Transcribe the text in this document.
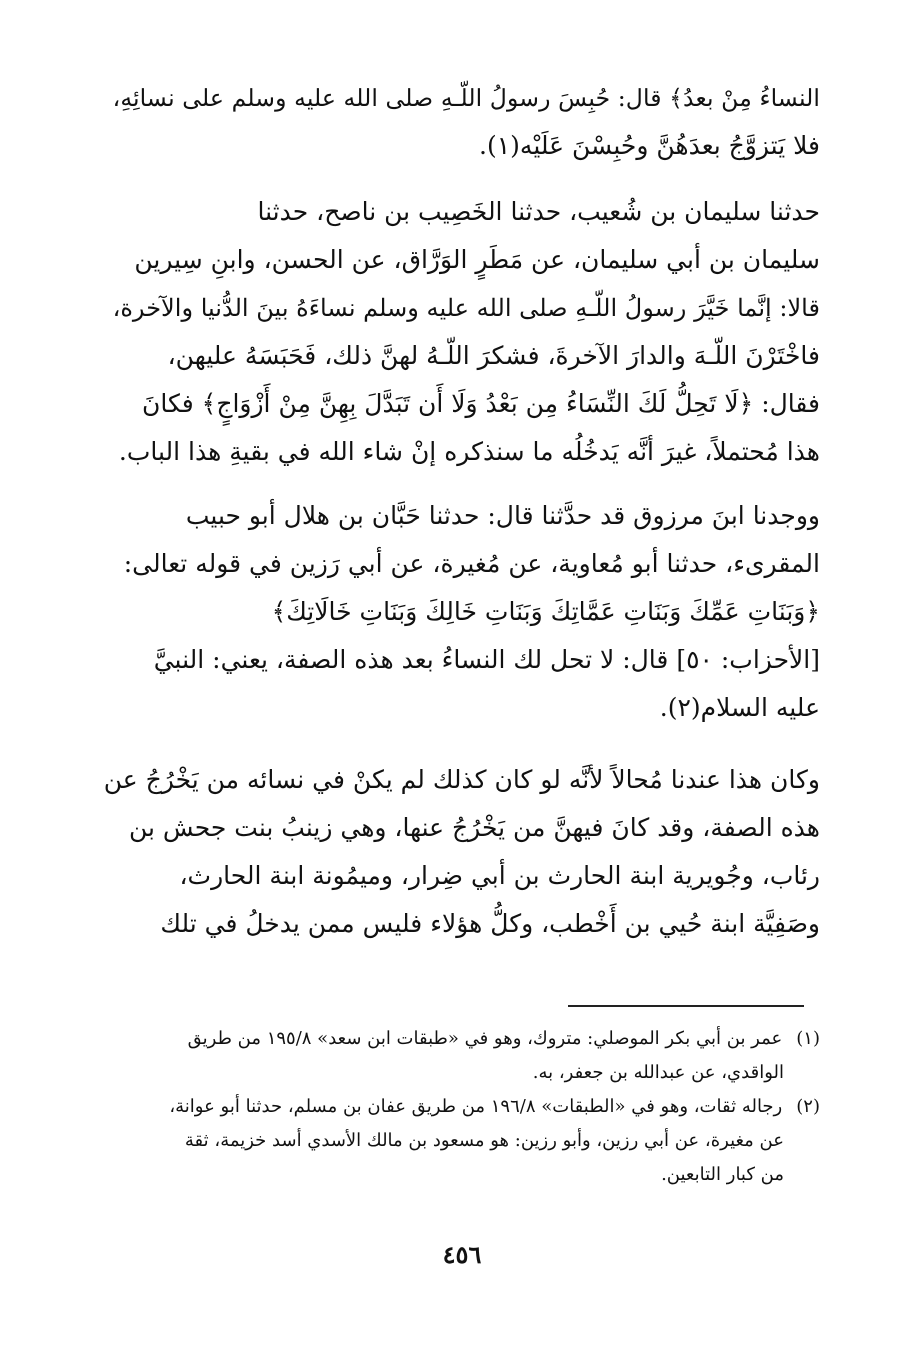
النساءُ مِنْ بعدُ﴾ قال: حُبِسَ رسولُ اللّـهِ صلى الله عليه وسلم على نسائِهِ،
فلا يَتزوَّجُ بعدَهُنَّ وحُبِسْنَ عَلَيْه(١).

حدثنا سليمان بن شُعيب، حدثنا الخَصِيب بن ناصح، حدثنا
سليمان بن أبي سليمان، عن مَطَرٍ الوَرَّاق، عن الحسن، وابنِ سِيرين
قالا: إنَّما خَيَّرَ رسولُ اللّـهِ صلى الله عليه وسلم نساءَهُ بينَ الدُّنيا والآخرة،
فاخْتَرْنَ اللّـهَ والدارَ الآخرةَ، فشكرَ اللّـهُ لهنَّ ذلك، فَحَبَسَهُ عليهن،
فقال: ﴿لَا تَحِلُّ لَكَ النِّسَاءُ مِن بَعْدُ وَلَا أَن تَبَدَّلَ بِهِنَّ مِنْ أَزْوَاجٍ﴾ فكانَ
هذا مُحتملاً، غيرَ أنَّه يَدخُلُه ما سنذكره إنْ شاء الله في بقيةِ هذا الباب.

ووجدنا ابنَ مرزوق قد حدَّثنا قال: حدثنا حَبَّان بن هلال أبو حبيب
المقرىء، حدثنا أبو مُعاوية، عن مُغيرة، عن أبي رَزين في قوله تعالى:
﴿وَبَنَاتِ عَمِّكَ وَبَنَاتِ عَمَّاتِكَ وَبَنَاتِ خَالِكَ وَبَنَاتِ خَالَاتِكَ﴾
[الأحزاب: ٥٠] قال: لا تحل لك النساءُ بعد هذه الصفة، يعني: النبيَّ
عليه السلام(٢).

وكان هذا عندنا مُحالاً لأنَّه لو كان كذلك لم يكنْ في نسائه من يَخْرُجُ عن
هذه الصفة، وقد كانَ فيهنَّ من يَخْرُجُ عنها، وهي زينبُ بنت جحش بن
رئاب، وجُويرية ابنة الحارث بن أبي ضِرار، وميمُونة ابنة الحارث،
وصَفِيَّة ابنة حُيي بن أَخْطب، وكلُّ هؤلاء فليس ممن يدخلُ في تلك

(١)عمر بن أبي بكر الموصلي: متروك، وهو في «طبقات ابن سعد» ١٩٥/٨ من طريق
الواقدي، عن عبدالله بن جعفر، به.
(٢)رجاله ثقات، وهو في «الطبقات» ١٩٦/٨ من طريق عفان بن مسلم، حدثنا أبو عوانة،
عن مغيرة، عن أبي رزين، وأبو رزين: هو مسعود بن مالك الأسدي أسد خزيمة، ثقة
من كبار التابعين.
٤٥٦
